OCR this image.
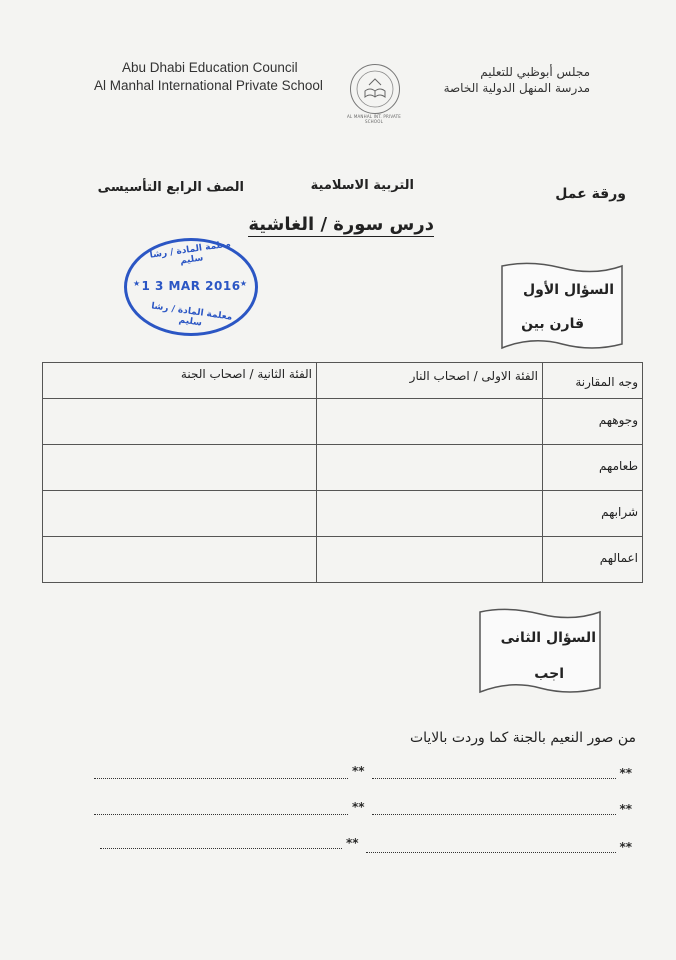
Abu Dhabi Education Council
Al Manhal International Private School
AL MANHAL INT. PRIVATE SCHOOL
مجلس أبوظبي للتعليم
مدرسة المنهل الدولية الخاصة
ورقة عمل
التربية الاسلامية
الصف الرابع التأسيسى
درس سورة / الغاشية
معلمة المادة / رشا سليم
1 3 MAR 2016
★	★
معلمة المادة / رشا سليم
السؤال الأول
قارن بين
وجه المقارنة	الفئة الاولى / اصحاب النار	الفئة الثانية / اصحاب الجنة
وجوههم		
طعامهم		
شرابهم		
اعمالهم		
السؤال الثانى
اجب
من صور النعيم بالجنة كما وردت بالايات
**
**
**
**
**
**
